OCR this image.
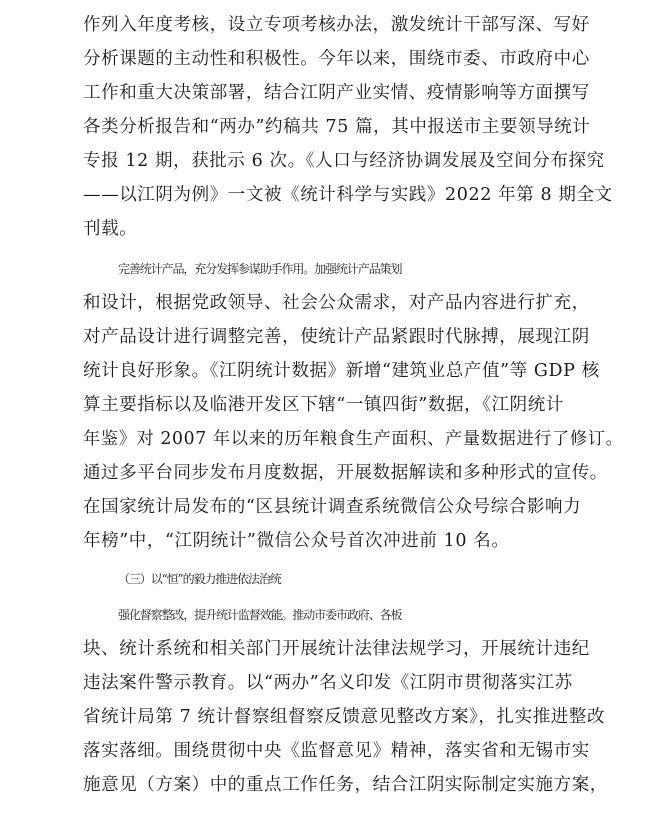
作列入年度考核，设立专项考核办法，激发统计干部写深、写好
分析课题的主动性和积极性。今年以来，围绕市委、市政府中心
工作和重大决策部署，结合江阴产业实情、疫情影响等方面撰写
各类分析报告和“两办”约稿共 75 篇，其中报送市主要领导统计
专报 12 期，获批示 6 次。《人口与经济协调发展及空间分布探究
——以江阴为例》一文被《统计科学与实践》2022 年第 8 期全文
刊载。
完善统计产品，充分发挥参谋助手作用。加强统计产品策划
和设计，根据党政领导、社会公众需求，对产品内容进行扩充，
对产品设计进行调整完善，使统计产品紧跟时代脉搏，展现江阴
统计良好形象。《江阴统计数据》新增“建筑业总产值”等 GDP 核
算主要指标以及临港开发区下辖“一镇四街”数据，《江阴统计
年鉴》对 2007 年以来的历年粮食生产面积、产量数据进行了修订。
通过多平台同步发布月度数据，开展数据解读和多种形式的宣传。
在国家统计局发布的“区县统计调查系统微信公众号综合影响力
年榜”中，“江阴统计”微信公众号首次冲进前 10 名。
（三）以“恒”的毅力推进依法治统
强化督察整改，提升统计监督效能。推动市委市政府、各板
块、统计系统和相关部门开展统计法律法规学习，开展统计违纪
违法案件警示教育。以“两办”名义印发《江阴市贯彻落实江苏
省统计局第 7 统计督察组督察反馈意见整改方案》，扎实推进整改
落实落细。围绕贯彻中央《监督意见》精神，落实省和无锡市实
施意见（方案）中的重点工作任务，结合江阴实际制定实施方案，
